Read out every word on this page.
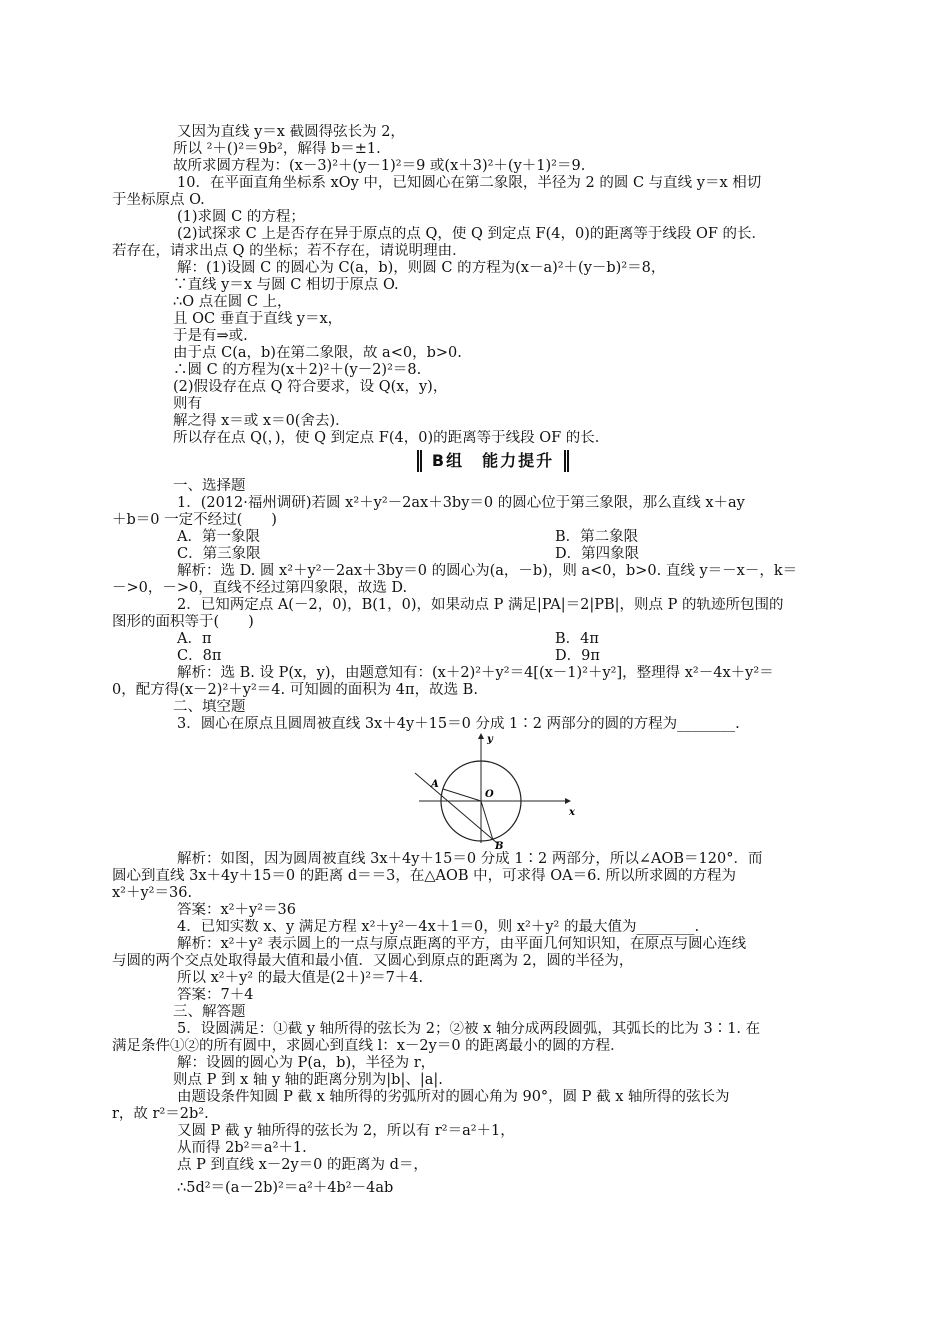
又因为直线 y＝x 截圆得弦长为 2，
所以 ²＋()²＝9b²，解得 b＝±1.
故所求圆方程为：(x－3)²＋(y－1)²＝9 或(x＋3)²＋(y＋1)²＝9.
10．在平面直角坐标系 xOy 中，已知圆心在第二象限，半径为 2 的圆 C 与直线 y＝x 相切
于坐标原点 O.
(1)求圆 C 的方程；
(2)试探求 C 上是否存在异于原点的点 Q，使 Q 到定点 F(4，0)的距离等于线段 OF 的长．
若存在，请求出点 Q 的坐标；若不存在，请说明理由．
解：(1)设圆 C 的圆心为 C(a，b)，则圆 C 的方程为(x－a)²＋(y－b)²＝8，
∵直线 y＝x 与圆 C 相切于原点 O.
∴O 点在圆 C 上，
且 OC 垂直于直线 y＝x，
于是有⇒或.
由于点 C(a，b)在第二象限，故 a<0，b>0.
∴圆 C 的方程为(x＋2)²＋(y－2)²＝8.
(2)假设存在点 Q 符合要求，设 Q(x，y)，
则有
解之得 x＝或 x＝0(舍去)．
所以存在点 Q(，)，使 Q 到定点 F(4，0)的距离等于线段 OF 的长．
B组　能力提升
一、选择题
1．(2012·福州调研)若圆 x²＋y²－2ax＋3by＝0 的圆心位于第三象限，那么直线 x＋ay
＋b＝0 一定不经过(　　)
A．第一象限	B．第二象限
C．第三象限	D．第四象限
解析：选 D. 圆 x²＋y²－2ax＋3by＝0 的圆心为(a，－b)，则 a<0，b>0. 直线 y＝－x－，k＝
－>0，－>0，直线不经过第四象限，故选 D.
2．已知两定点 A(－2，0)，B(1，0)，如果动点 P 满足|PA|＝2|PB|，则点 P 的轨迹所包围的
图形的面积等于(　　)
A．π	B．4π
C．8π	D．9π
解析：选 B. 设 P(x，y)，由题意知有：(x＋2)²＋y²＝4[(x－1)²＋y²]，整理得 x²－4x＋y²＝
0，配方得(x－2)²＋y²＝4. 可知圆的面积为 4π，故选 B.
二、填空题
3．圆心在原点且圆周被直线 3x＋4y＋15＝0 分成 1∶2 两部分的圆的方程为________.
y
x
A
O
B
解析：如图，因为圆周被直线 3x＋4y＋15＝0 分成 1∶2 两部分，所以∠AOB＝120°．而
圆心到直线 3x＋4y＋15＝0 的距离 d＝＝3，在△AOB 中，可求得 OA＝6. 所以所求圆的方程为
x²＋y²＝36.
答案：x²＋y²＝36
4．已知实数 x、y 满足方程 x²＋y²－4x＋1＝0，则 x²＋y² 的最大值为________.
解析：x²＋y² 表示圆上的一点与原点距离的平方，由平面几何知识知，在原点与圆心连线
与圆的两个交点处取得最大值和最小值．又圆心到原点的距离为 2，圆的半径为，
所以 x²＋y² 的最大值是(2＋)²＝7＋4.
答案：7＋4
三、解答题
5．设圆满足：①截 y 轴所得的弦长为 2；②被 x 轴分成两段圆弧，其弧长的比为 3∶1. 在
满足条件①②的所有圆中，求圆心到直线 l：x－2y＝0 的距离最小的圆的方程．
解：设圆的圆心为 P(a，b)，半径为 r，
则点 P 到 x 轴 y 轴的距离分别为|b|、|a|.
由题设条件知圆 P 截 x 轴所得的劣弧所对的圆心角为 90°，圆 P 截 x 轴所得的弦长为
r，故 r²＝2b².
又圆 P 截 y 轴所得的弦长为 2，所以有 r²＝a²＋1，
从而得 2b²＝a²＋1.
点 P 到直线 x－2y＝0 的距离为 d＝，
∴5d²＝(a－2b)²＝a²＋4b²－4ab
